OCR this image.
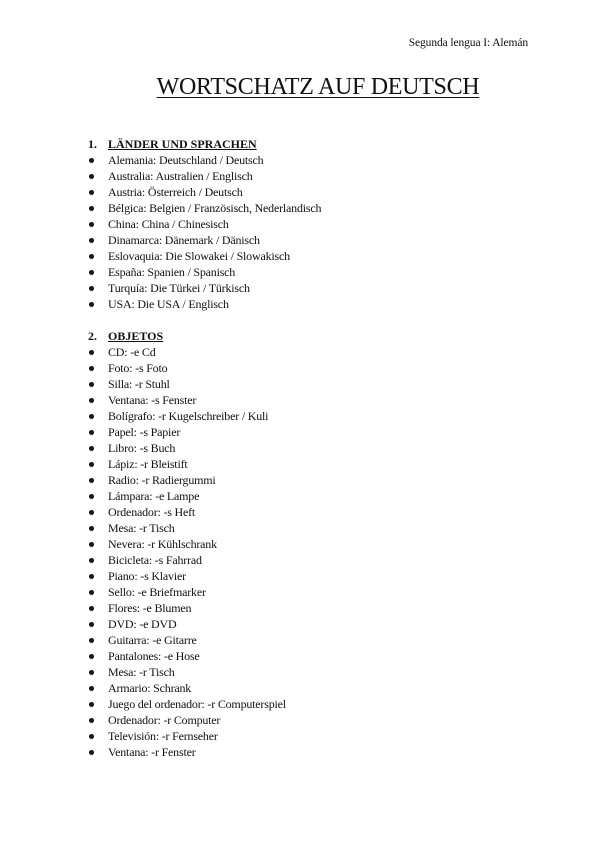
Segunda lengua I: Alemán
WORTSCHATZ AUF DEUTSCH
1. LÄNDER UND SPRACHEN
Alemania: Deutschland / Deutsch
Australia: Australien / Englisch
Austria: Österreich / Deutsch
Bélgica: Belgien / Französisch, Nederlandisch
China: China / Chinesisch
Dinamarca: Dänemark / Dänisch
Eslovaquia: Die Slowakei / Slowakisch
España: Spanien / Spanisch
Turquía: Die Türkei / Türkisch
USA: Die USA / Englisch
2. OBJETOS
CD: -e Cd
Foto: -s Foto
Silla: -r Stuhl
Ventana: -s Fenster
Bolígrafo: -r Kugelschreiber / Kuli
Papel: -s Papier
Libro: -s Buch
Lápiz: -r Bleistift
Radio: -r Radiergummi
Lámpara: -e Lampe
Ordenador: -s Heft
Mesa: -r Tisch
Nevera: -r Kühlschrank
Bicicleta: -s Fahrrad
Piano: -s Klavier
Sello: -e Briefmarker
Flores: -e Blumen
DVD: -e DVD
Guitarra: -e Gitarre
Pantalones: -e Hose
Mesa: -r Tisch
Armario: Schrank
Juego del ordenador: -r Computerspiel
Ordenador: -r Computer
Televisión: -r Fernseher
Ventana: -r Fenster
